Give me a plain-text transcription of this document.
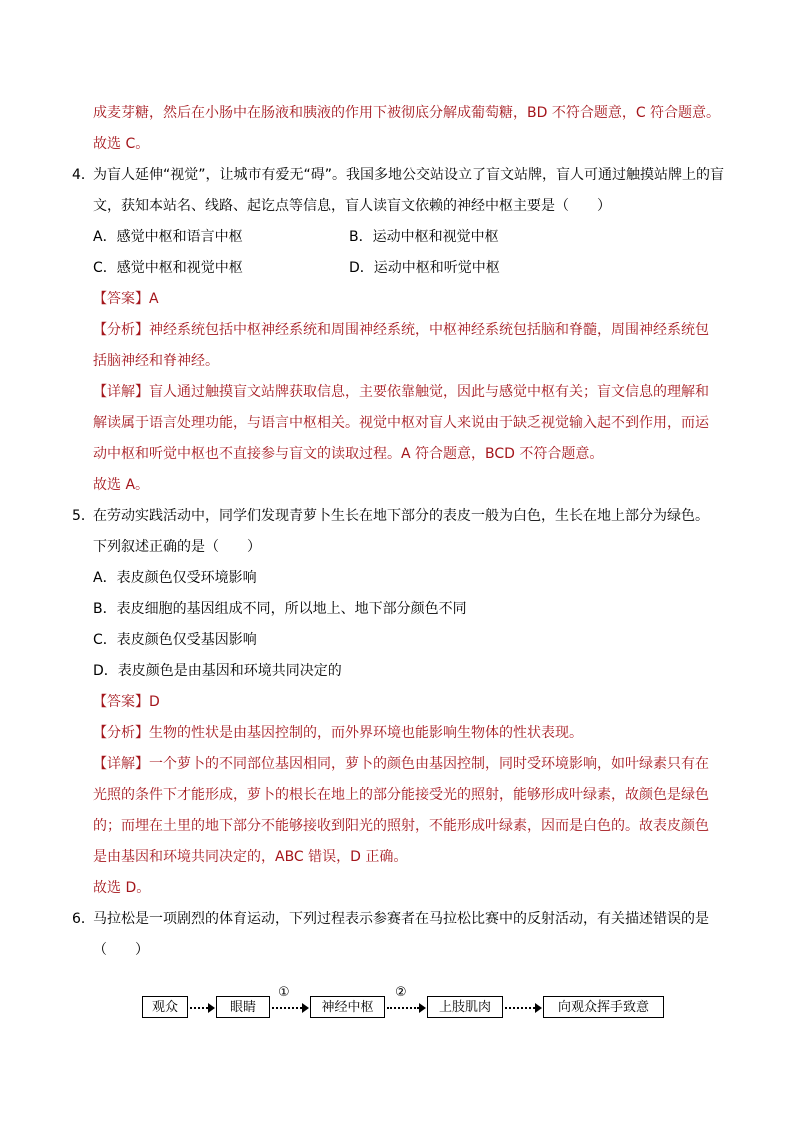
成麦芽糖，然后在小肠中在肠液和胰液的作用下被彻底分解成葡萄糖，BD 不符合题意，C 符合题意。
故选 C。
4．
为盲人延伸“视觉”，让城市有爱无“碍”。我国多地公交站设立了盲文站牌，盲人可通过触摸站牌上的盲
文，获知本站名、线路、起讫点等信息，盲人读盲文依赖的神经中枢主要是（　　）
A．感觉中枢和语言中枢	B．运动中枢和视觉中枢
C．感觉中枢和视觉中枢	D．运动中枢和听觉中枢
【答案】A
【分析】神经系统包括中枢神经系统和周围神经系统，中枢神经系统包括脑和脊髓，周围神经系统包
括脑神经和脊神经。
【详解】盲人通过触摸盲文站牌获取信息，主要依靠触觉，因此与感觉中枢有关；盲文信息的理解和
解读属于语言处理功能，与语言中枢相关。视觉中枢对盲人来说由于缺乏视觉输入起不到作用，而运
动中枢和听觉中枢也不直接参与盲文的读取过程。A 符合题意，BCD 不符合题意。
故选 A。
5．
在劳动实践活动中，同学们发现青萝卜生长在地下部分的表皮一般为白色，生长在地上部分为绿色。
下列叙述正确的是（　　）
A．表皮颜色仅受环境影响
B．表皮细胞的基因组成不同，所以地上、地下部分颜色不同
C．表皮颜色仅受基因影响
D．表皮颜色是由基因和环境共同决定的
【答案】D
【分析】生物的性状是由基因控制的，而外界环境也能影响生物体的性状表现。
【详解】一个萝卜的不同部位基因相同，萝卜的颜色由基因控制，同时受环境影响，如叶绿素只有在
光照的条件下才能形成，萝卜的根长在地上的部分能接受光的照射，能够形成叶绿素，故颜色是绿色
的；而埋在土里的地下部分不能够接收到阳光的照射，不能形成叶绿素，因而是白色的。故表皮颜色
是由基因和环境共同决定的，ABC 错误，D 正确。
故选 D。
6．
马拉松是一项剧烈的体育运动，下列过程表示参赛者在马拉松比赛中的反射活动，有关描述错误的是
（　　）
观众	眼睛
①
神经中枢
②
上肢肌肉	向观众挥手致意
